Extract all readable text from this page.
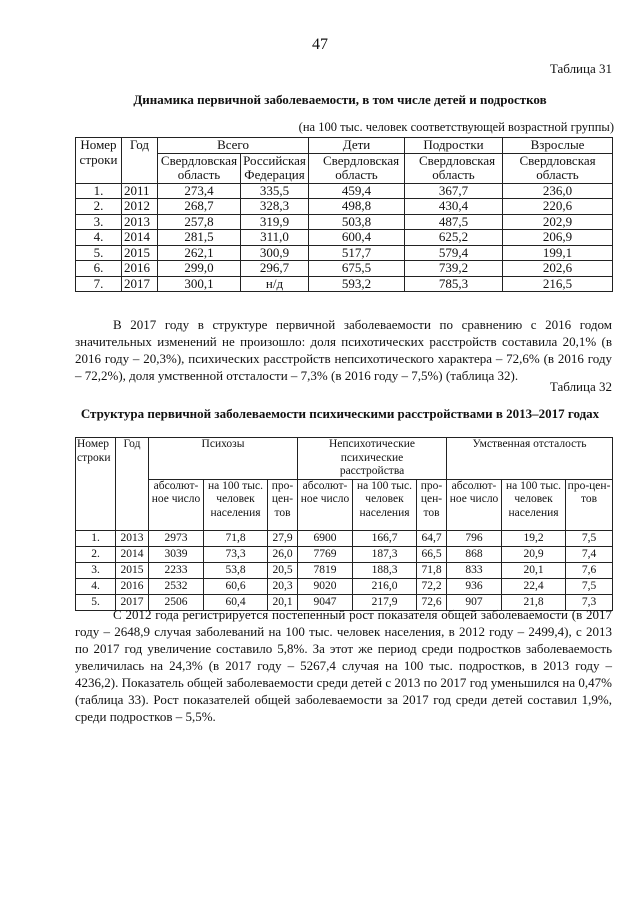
47
Таблица 31
Динамика первичной заболеваемости, в том числе детей и подростков
(на 100 тыс. человек соответствующей возрастной группы)
Номер строки	Год	Всего		Дети	Подростки	Взрослые
		Свердловская область	Российская Федерация	Свердловская область	Свердловская область	Свердловская область
1.	2011	273,4	335,5	459,4	367,7	236,0
2.	2012	268,7	328,3	498,8	430,4	220,6
3.	2013	257,8	319,9	503,8	487,5	202,9
4.	2014	281,5	311,0	600,4	625,2	206,9
5.	2015	262,1	300,9	517,7	579,4	199,1
6.	2016	299,0	296,7	675,5	739,2	202,6
7.	2017	300,1	н/д	593,2	785,3	216,5
В 2017 году в структуре первичной заболеваемости по сравнению с 2016 годом значительных изменений не произошло: доля психотических расстройств составила 20,1% (в 2016 году – 20,3%), психических расстройств непсихотического характера – 72,6% (в 2016 году – 72,2%), доля умственной отсталости – 7,3% (в 2016 году – 7,5%) (таблица 32).
Таблица 32
Структура первичной заболеваемости психическими расстройствами в 2013–2017 годах
Номер строки	Год	Психозы			Непсихотические психические расстройства			Умственная отсталость		
		абсолют-ное число	на 100 тыс. человек населения	про-цен-тов	абсолют-ное число	на 100 тыс. человек населения	про-цен-тов	абсолют-ное число	на 100 тыс. человек населения	про-цен-тов
1.	2013	2973	71,8	27,9	6900	166,7	64,7	796	19,2	7,5
2.	2014	3039	73,3	26,0	7769	187,3	66,5	868	20,9	7,4
3.	2015	2233	53,8	20,5	7819	188,3	71,8	833	20,1	7,6
4.	2016	2532	60,6	20,3	9020	216,0	72,2	936	22,4	7,5
5.	2017	2506	60,4	20,1	9047	217,9	72,6	907	21,8	7,3
С 2012 года регистрируется постепенный рост показателя общей заболеваемости (в 2017 году – 2648,9 случая заболеваний на 100 тыс. человек населения, в 2012 году – 2499,4), с 2013 по 2017 год увеличение составило 5,8%. За этот же период среди подростков заболеваемость увеличилась на 24,3% (в 2017 году – 5267,4 случая на 100 тыс. подростков, в 2013 году – 4236,2). Показатель общей заболеваемости среди детей с 2013 по 2017 год уменьшился на 0,47% (таблица 33). Рост показателей общей заболеваемости за 2017 год среди детей составил 1,9%, среди подростков – 5,5%.
